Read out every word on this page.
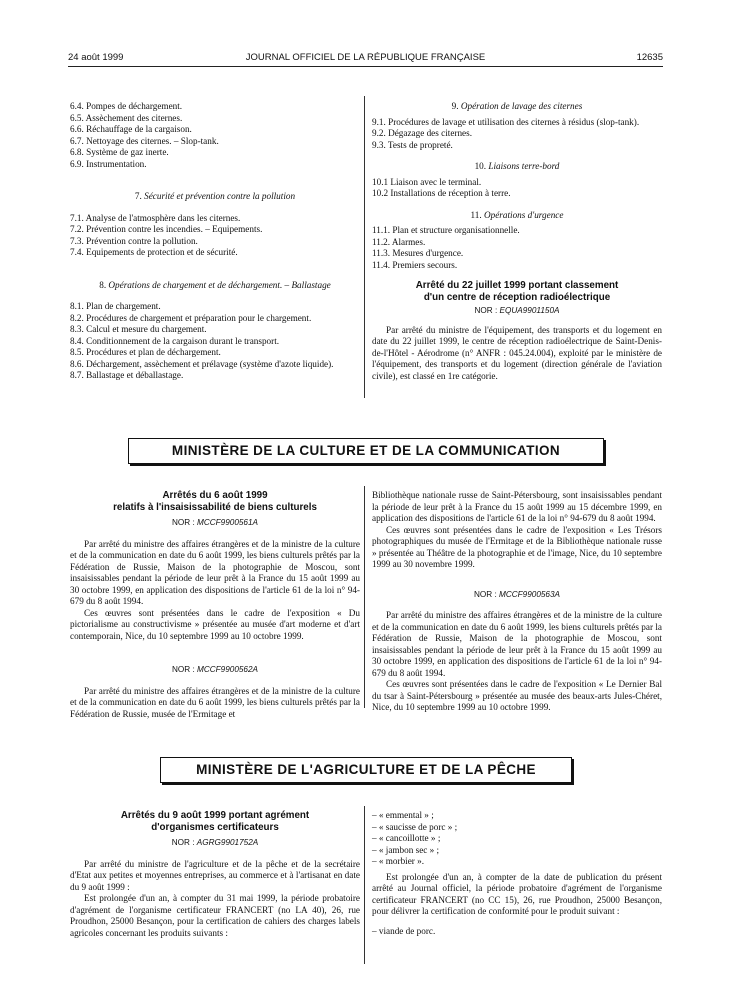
24 août 1999	JOURNAL OFFICIEL DE LA RÉPUBLIQUE FRANÇAISE	12635

6.4. Pompes de déchargement.

6.5. Assèchement des citernes.

6.6. Réchauffage de la cargaison.

6.7. Nettoyage des citernes. – Slop-tank.

6.8. Système de gaz inerte.

6.9. Instrumentation.

7. Sécurité et prévention contre la pollution

7.1. Analyse de l'atmosphère dans les citernes.

7.2. Prévention contre les incendies. – Equipements.

7.3. Prévention contre la pollution.

7.4. Equipements de protection et de sécurité.

8. Opérations de chargement et de déchargement. – Ballastage

8.1. Plan de chargement.

8.2. Procédures de chargement et préparation pour le chargement.

8.3. Calcul et mesure du chargement.

8.4. Conditionnement de la cargaison durant le transport.

8.5. Procédures et plan de déchargement.

8.6. Déchargement, assèchement et prélavage (système d'azote liquide).

8.7. Ballastage et déballastage.

9. Opération de lavage des citernes

9.1. Procédures de lavage et utilisation des citernes à résidus (slop-tank).

9.2. Dégazage des citernes.

9.3. Tests de propreté.

10. Liaisons terre-bord

10.1 Liaison avec le terminal.

10.2 Installations de réception à terre.

11. Opérations d'urgence

11.1. Plan et structure organisationnelle.

11.2. Alarmes.

11.3. Mesures d'urgence.

11.4. Premiers secours.

Arrêté du 22 juillet 1999 portant classement

d'un centre de réception radioélectrique

NOR : EQUA9901150A

Par arrêté du ministre de l'équipement, des transports et du logement en date du 22 juillet 1999, le centre de réception radioélectrique de Saint-Denis-de-l'Hôtel - Aérodrome (n° ANFR : 045.24.004), exploité par le ministère de l'équipement, des transports et du logement (direction générale de l'aviation civile), est classé en 1re catégorie.

MINISTÈRE DE LA CULTURE ET DE LA COMMUNICATION

Arrêtés du 6 août 1999

relatifs à l'insaisissabilité de biens culturels

NOR : MCCF9900561A

Par arrêté du ministre des affaires étrangères et de la ministre de la culture et de la communication en date du 6 août 1999, les biens culturels prêtés par la Fédération de Russie, Maison de la photographie de Moscou, sont insaisissables pendant la période de leur prêt à la France du 15 août 1999 au 30 octobre 1999, en application des dispositions de l'article 61 de la loi n° 94-679 du 8 août 1994.

Ces œuvres sont présentées dans le cadre de l'exposition « Du pictorialisme au constructivisme » présentée au musée d'art moderne et d'art contemporain, Nice, du 10 septembre 1999 au 10 octobre 1999.

NOR : MCCF9900562A

Par arrêté du ministre des affaires étrangères et de la ministre de la culture et de la communication en date du 6 août 1999, les biens culturels prêtés par la Fédération de Russie, musée de l'Ermitage et

Bibliothèque nationale russe de Saint-Pétersbourg, sont insaisissables pendant la période de leur prêt à la France du 15 août 1999 au 15 décembre 1999, en application des dispositions de l'article 61 de la loi n° 94-679 du 8 août 1994.

Ces œuvres sont présentées dans le cadre de l'exposition « Les Trésors photographiques du musée de l'Ermitage et de la Bibliothèque nationale russe » présentée au Théâtre de la photographie et de l'image, Nice, du 10 septembre 1999 au 30 novembre 1999.

NOR : MCCF9900563A

Par arrêté du ministre des affaires étrangères et de la ministre de la culture et de la communication en date du 6 août 1999, les biens culturels prêtés par la Fédération de Russie, Maison de la photographie de Moscou, sont insaisissables pendant la période de leur prêt à la France du 15 août 1999 au 30 octobre 1999, en application des dispositions de l'article 61 de la loi n° 94-679 du 8 août 1994.

Ces œuvres sont présentées dans le cadre de l'exposition « Le Dernier Bal du tsar à Saint-Pétersbourg » présentée au musée des beaux-arts Jules-Chéret, Nice, du 10 septembre 1999 au 10 octobre 1999.

MINISTÈRE DE L'AGRICULTURE ET DE LA PÊCHE

Arrêtés du 9 août 1999 portant agrément

d'organismes certificateurs

NOR : AGRG9901752A

Par arrêté du ministre de l'agriculture et de la pêche et de la secrétaire d'Etat aux petites et moyennes entreprises, au commerce et à l'artisanat en date du 9 août 1999 :

Est prolongée d'un an, à compter du 31 mai 1999, la période probatoire d'agrément de l'organisme certificateur FRANCERT (no LA 40), 26, rue Proudhon, 25000 Besançon, pour la certification de cahiers des charges labels agricoles concernant les produits suivants :

– « emmental » ;

– « saucisse de porc » ;

– « cancoillotte » ;

– « jambon sec » ;

– « morbier ».

Est prolongée d'un an, à compter de la date de publication du présent arrêté au Journal officiel, la période probatoire d'agrément de l'organisme certificateur FRANCERT (no CC 15), 26, rue Proudhon, 25000 Besançon, pour délivrer la certification de conformité pour le produit suivant :

– viande de porc.
